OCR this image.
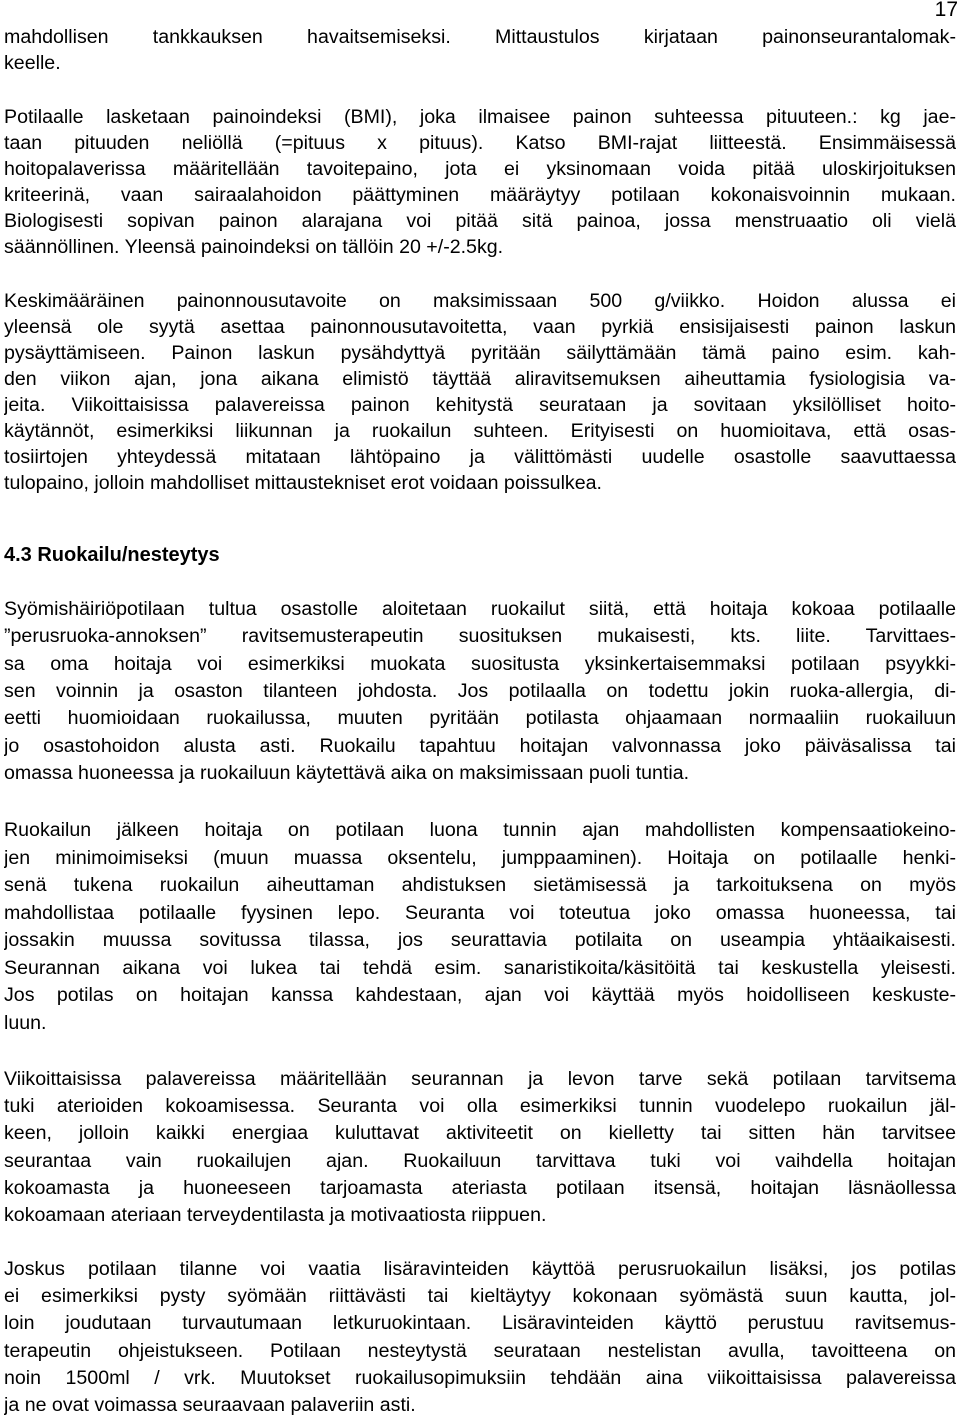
17
mahdollisen tankkauksen havaitsemiseksi. Mittaustulos kirjataan painonseurantalomak-
keelle.
Potilaalle lasketaan painoindeksi (BMI), joka ilmaisee painon suhteessa pituuteen.: kg jae-
taan pituuden neliöllä (=pituus x pituus). Katso BMI-rajat liitteestä. Ensimmäisessä
hoitopalaverissa määritellään tavoitepaino, jota ei yksinomaan voida pitää uloskirjoituksen
kriteerinä, vaan sairaalahoidon päättyminen määräytyy potilaan kokonaisvoinnin mukaan.
Biologisesti sopivan painon alarajana voi pitää sitä painoa, jossa menstruaatio oli vielä
säännöllinen. Yleensä painoindeksi on tällöin 20 +/-2.5kg.
Keskimääräinen painonnousutavoite on maksimissaan 500 g/viikko. Hoidon alussa ei
yleensä ole syytä asettaa painonnousutavoitetta, vaan pyrkiä ensisijaisesti painon laskun
pysäyttämiseen. Painon laskun pysähdyttyä pyritään säilyttämään tämä paino esim. kah-
den viikon ajan, jona aikana elimistö täyttää aliravitsemuksen aiheuttamia fysiologisia va-
jeita. Viikoittaisissa palavereissa painon kehitystä seurataan ja sovitaan yksilölliset hoito-
käytännöt, esimerkiksi liikunnan ja ruokailun suhteen. Erityisesti on huomioitava, että osas-
tosiirtojen yhteydessä mitataan lähtöpaino ja välittömästi uudelle osastolle saavuttaessa
tulopaino, jolloin mahdolliset mittaustekniset erot voidaan poissulkea.
4.3 Ruokailu/nesteytys
Syömishäiriöpotilaan tultua osastolle aloitetaan ruokailut siitä, että hoitaja kokoaa potilaalle
”perusruoka-annoksen” ravitsemusterapeutin suosituksen mukaisesti, kts. liite. Tarvittaes-
sa oma hoitaja voi esimerkiksi muokata suositusta yksinkertaisemmaksi potilaan psyykki-
sen voinnin ja osaston tilanteen johdosta. Jos potilaalla on todettu jokin ruoka-allergia, di-
eetti huomioidaan ruokailussa, muuten pyritään potilasta ohjaamaan normaaliin ruokailuun
jo osastohoidon alusta asti. Ruokailu tapahtuu hoitajan valvonnassa joko päiväsalissa tai
omassa huoneessa ja ruokailuun käytettävä aika on maksimissaan puoli tuntia.
Ruokailun jälkeen hoitaja on potilaan luona tunnin ajan mahdollisten kompensaatiokeino-
jen minimoimiseksi (muun muassa oksentelu, jumppaaminen). Hoitaja on potilaalle henki-
senä tukena ruokailun aiheuttaman ahdistuksen sietämisessä ja tarkoituksena on myös
mahdollistaa potilaalle fyysinen lepo. Seuranta voi toteutua joko omassa huoneessa, tai
jossakin muussa sovitussa tilassa, jos seurattavia potilaita on useampia yhtäaikaisesti.
Seurannan aikana voi lukea tai tehdä esim. sanaristikoita/käsitöitä tai keskustella yleisesti.
Jos potilas on hoitajan kanssa kahdestaan, ajan voi käyttää myös hoidolliseen keskuste-
luun.
Viikoittaisissa palavereissa määritellään seurannan ja levon tarve sekä potilaan tarvitsema
tuki aterioiden kokoamisessa. Seuranta voi olla esimerkiksi tunnin vuodelepo ruokailun jäl-
keen, jolloin kaikki energiaa kuluttavat aktiviteetit on kielletty tai sitten hän tarvitsee
seurantaa vain ruokailujen ajan. Ruokailuun tarvittava tuki voi vaihdella hoitajan
kokoamasta ja huoneeseen tarjoamasta ateriasta potilaan itsensä, hoitajan läsnäollessa
kokoamaan ateriaan terveydentilasta ja motivaatiosta riippuen.
Joskus potilaan tilanne voi vaatia lisäravinteiden käyttöä perusruokailun lisäksi, jos potilas
ei esimerkiksi pysty syömään riittävästi tai kieltäytyy kokonaan syömästä suun kautta, jol-
loin joudutaan turvautumaan letkuruokintaan. Lisäravinteiden käyttö perustuu ravitsemus-
terapeutin ohjeistukseen. Potilaan nesteytystä seurataan nestelistan avulla, tavoitteena on
noin 1500ml / vrk. Muutokset ruokailusopimuksiin tehdään aina viikoittaisissa palavereissa
ja ne ovat voimassa seuraavaan palaveriin asti.
